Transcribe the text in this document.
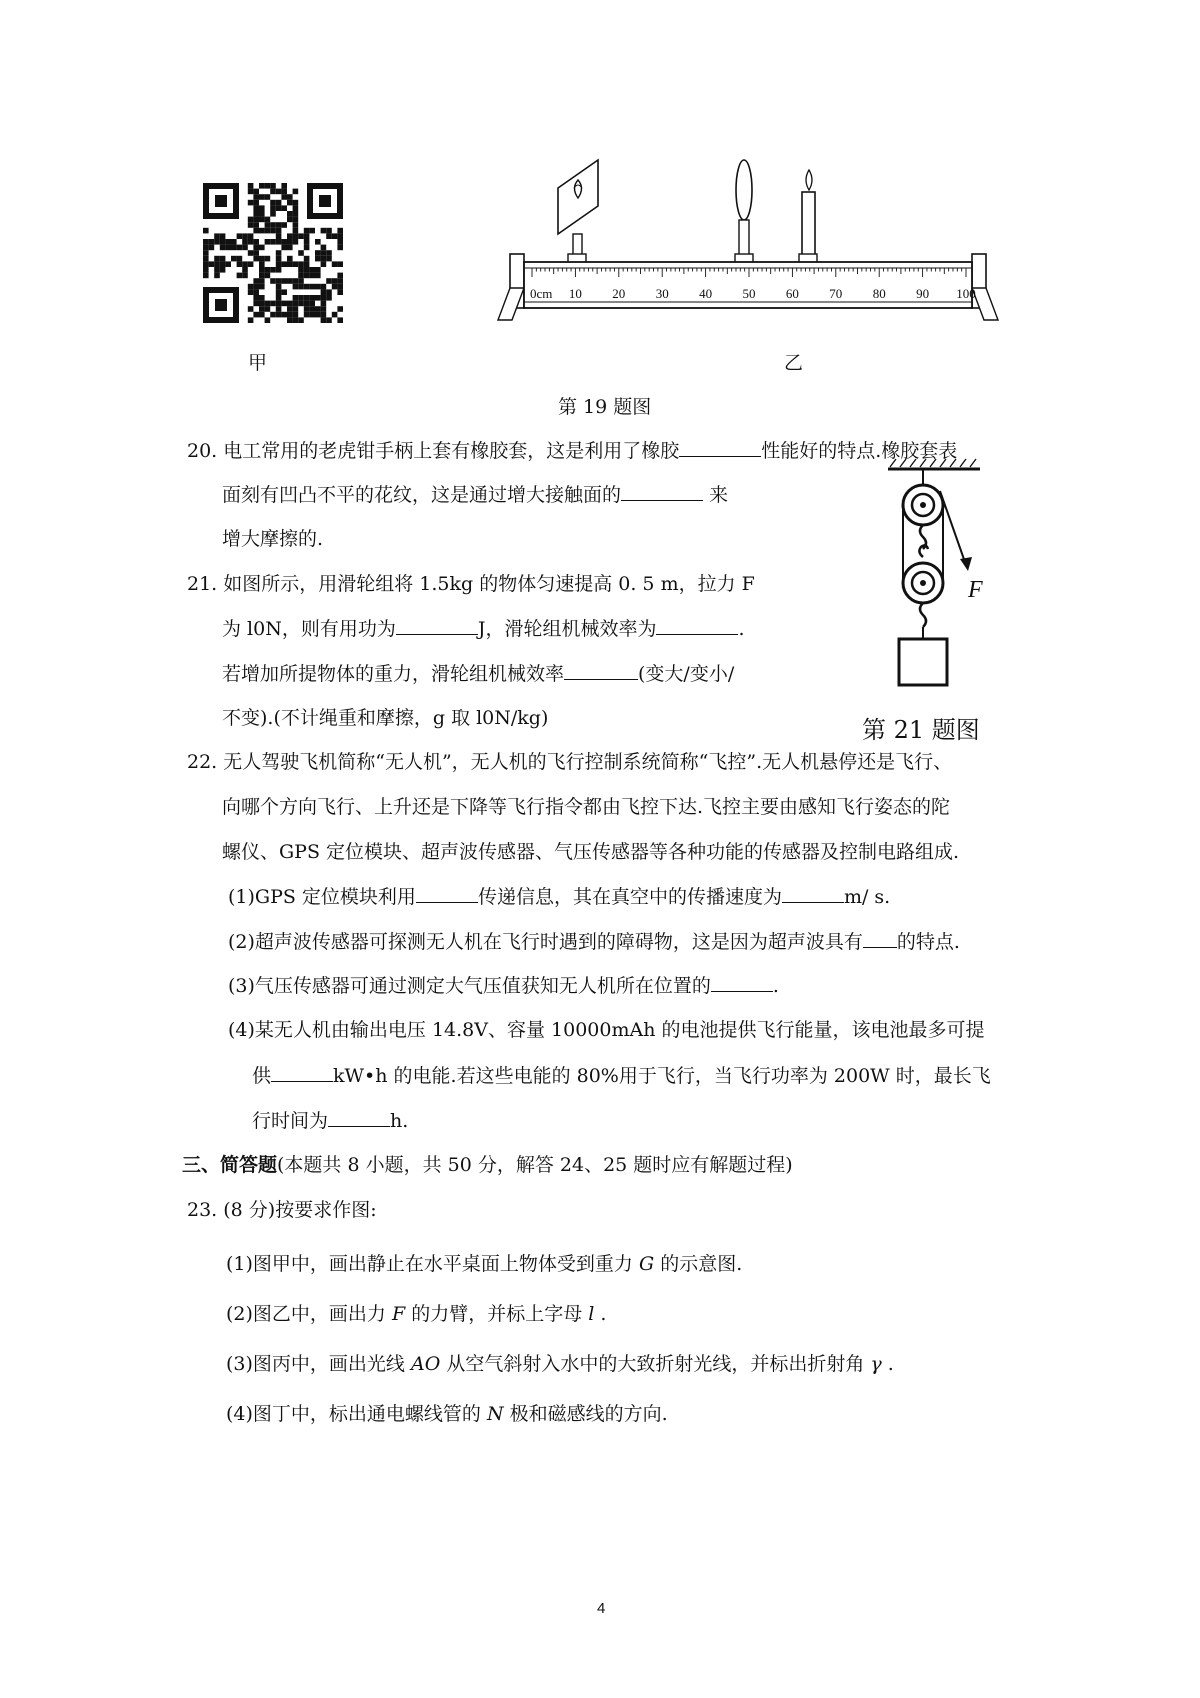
甲
0cm 10 20 30 40 50 60 70 80 90 100
乙
第 19 题图
20. 电工常用的老虎钳手柄上套有橡胶套，这是利用了橡胶	性能好的特点.橡胶套表
面刻有凹凸不平的花纹，这是通过增大接触面的	来
增大摩擦的.
21. 如图所示，用滑轮组将 1.5kg 的物体匀速提高 0. 5 m，拉力 F
为 l0N，则有用功为	J，滑轮组机械效率为	.
若增加所提物体的重力，滑轮组机械效率	(变大/变小/
不变).(不计绳重和摩擦，g 取 l0N/kg)
F
第 21 题图
22. 无人驾驶飞机简称“无人机”，无人机的飞行控制系统简称“飞控”.无人机悬停还是飞行、
向哪个方向飞行、上升还是下降等飞行指令都由飞控下达.飞控主要由感知飞行姿态的陀
螺仪、GPS 定位模块、超声波传感器、气压传感器等各种功能的传感器及控制电路组成.
(1)GPS 定位模块利用	传递信息，其在真空中的传播速度为	m/ s.
(2)超声波传感器可探测无人机在飞行时遇到的障碍物，这是因为超声波具有 的特点.
(3)气压传感器可通过测定大气压值获知无人机所在位置的	.
(4)某无人机由输出电压 14.8V、容量 10000mAh 的电池提供飞行能量，该电池最多可提
供	kW•h 的电能.若这些电能的 80%用于飞行，当飞行功率为 200W 时，最长飞
行时间为	h.
三、简答题(本题共 8 小题，共 50 分，解答 24、25 题时应有解题过程)
23. (8 分)按要求作图:
(1)图甲中，画出静止在水平桌面上物体受到重力 G 的示意图.
(2)图乙中，画出力 F 的力臂，并标上字母 l .
(3)图丙中，画出光线 AO 从空气斜射入水中的大致折射光线，并标出折射角 γ .
(4)图丁中，标出通电螺线管的 N 极和磁感线的方向.
4
